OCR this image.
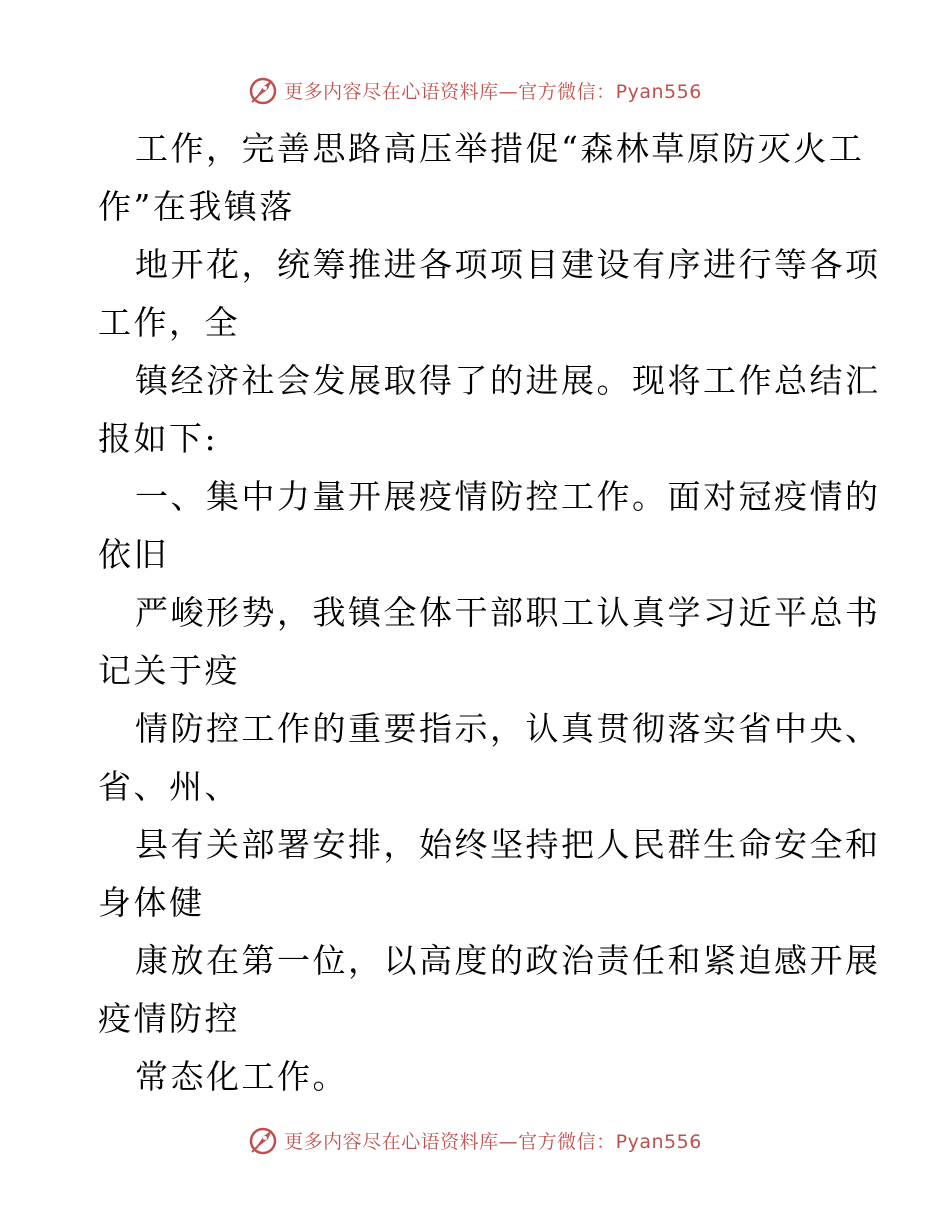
更多内容尽在心语资料库—官方微信：Pyan556

工作，完善思路高压举措促“森林草原防灭火工
作”在我镇落

地开花，统筹推进各项项目建设有序进行等各项
工作，全

镇经济社会发展取得了的进展。现将工作总结汇
报如下:

一、集中力量开展疫情防控工作。面对冠疫情的
依旧

严峻形势，我镇全体干部职工认真学习近平总书
记关于疫

情防控工作的重要指示，认真贯彻落实省中央、
省、州、

县有关部署安排，始终坚持把人民群生命安全和
身体健

康放在第一位，以高度的政治责任和紧迫感开展
疫情防控

常态化工作。

更多内容尽在心语资料库—官方微信：Pyan556
